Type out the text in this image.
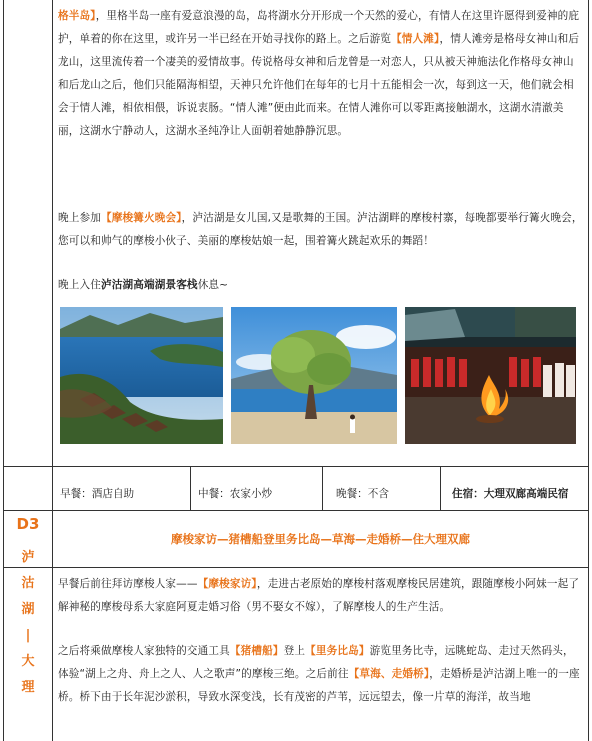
格半岛】，里格半岛一座有爱意浪漫的岛，岛将湖水分开形成一个天然的爱心，有情人在这里许愿得到爱神的庇护，单着的你在这里，或许另一半已经在开始寻找你的路上。之后游览【情人滩】，情人滩旁是格母女神山和后龙山，这里流传着一个凄美的爱情故事。传说格母女神和后龙曾是一对恋人，只从被天神施法化作格母女神山和后龙山之后，他们只能隔海相望，天神只允许他们在每年的七月十五能相会一次，每到这一天，他们就会相会于情人滩，相依相偎，诉说衷肠。“情人滩”便由此而来。在情人滩你可以零距离接触湖水，这湖水清澈美丽，这湖水宁静动人，这湖水圣纯净让人面朝着她静静沉思。
晚上参加【摩梭篝火晚会】，泸沽湖是女儿国,又是歌舞的王国。泸沽湖畔的摩梭村寨，每晚都要举行篝火晚会，您可以和帅气的摩梭小伙子、美丽的摩梭姑娘一起，围着篝火跳起欢乐的舞蹈！
晚上入住泸沽湖高端湖景客栈休息~
D3
泸
沽
湖
|
大
理
早餐：酒店自助	中餐：农家小炒	晚餐：不含	住宿：大理双廊高端民宿
摩梭家访—猪槽船登里务比岛—草海—走婚桥—住大理双廊
早餐后前往拜访摩梭人家——【摩梭家访】，走进古老原始的摩梭村落观摩梭民居建筑，跟随摩梭小阿妹一起了解神秘的摩梭母系大家庭阿夏走婚习俗（男不娶女不嫁），了解摩梭人的生产生活。
之后将乘做摩梭人家独特的交通工具【猪槽船】登上【里务比岛】游览里务比寺，远眺蛇岛、走过天然码头，体验“湖上之舟、舟上之人、人之歌声”的摩梭三绝。之后前往【草海、走婚桥】，走婚桥是泸沽湖上唯一的一座桥。桥下由于长年泥沙淤积，导致水深变浅，长有茂密的芦苇，远远望去，像一片草的海洋，故当地
